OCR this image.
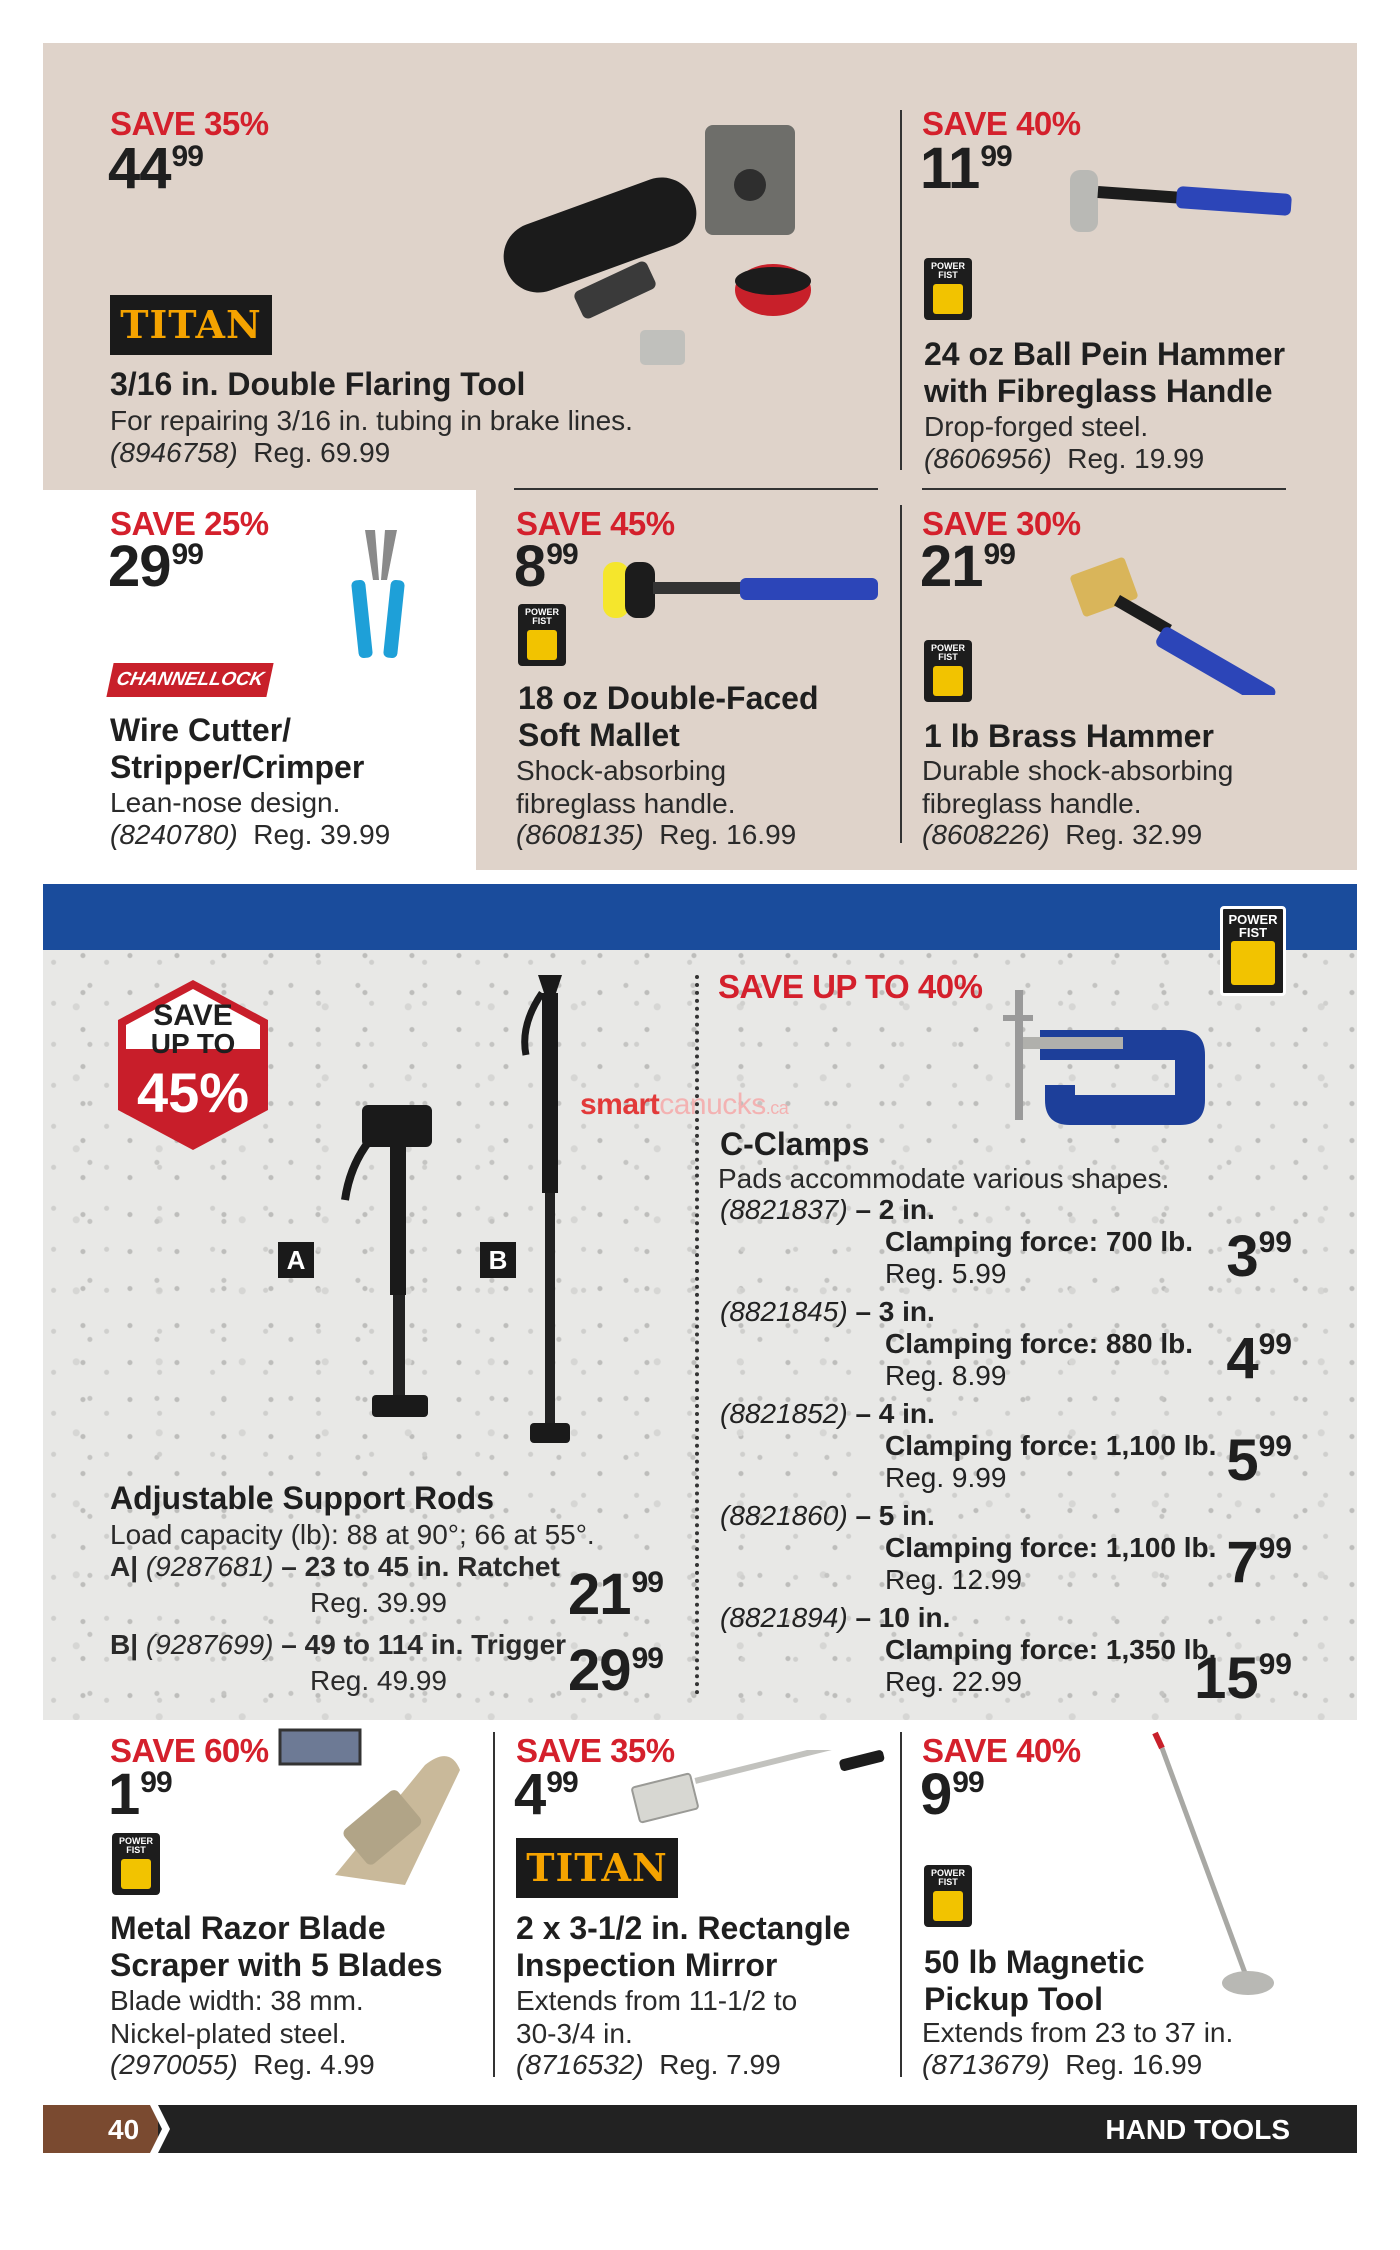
SAVE 35%
$44^{99}$
TITAN
3/16 in. Double Flaring Tool
For repairing 3/16 in. tubing in brake lines.
(8946758) Reg. 69.99
SAVE 40%
$11^{99}$
POWER
FIST
24 oz Ball Pein Hammer
with Fibreglass Handle
Drop-forged steel.
(8606956) Reg. 19.99
SAVE 25%
$29^{99}$
CHANNELLOCK
Wire Cutter/
Stripper/Crimper
Lean-nose design.
(8240780) Reg. 39.99
SAVE 45%
$8^{99}$
POWER
FIST
18 oz Double-Faced
Soft Mallet
Shock-absorbing
fibreglass handle.
(8608135) Reg. 16.99
SAVE 30%
$21^{99}$
POWER
FIST
1 lb Brass Hammer
Durable shock-absorbing
fibreglass handle.
(8608226) Reg. 32.99
POWER
FIST
SAVE
UP TO
45%
A	B
smartcanucks.ca
Adjustable Support Rods
Load capacity (lb): 88 at 90°; 66 at 55°.
A| (9287681) – 23 to 45 in. Ratchet
Reg. 39.99 $21^{99}$
B| (9287699) – 49 to 114 in. Trigger
Reg. 49.99 $29^{99}$
SAVE UP TO 40%
C-Clamps
Pads accommodate various shapes.
(8821837) – 2 in.
Clamping force: 700 lb.
Reg. 5.99	$3^{99}$
(8821845) – 3 in.
Clamping force: 880 lb.
Reg. 8.99	$4^{99}$
(8821852) – 4 in.
Clamping force: 1,100 lb.
Reg. 9.99	$5^{99}$
(8821860) – 5 in.
Clamping force: 1,100 lb.
Reg. 12.99	$7^{99}$
(8821894) – 10 in.
Clamping force: 1,350 lb.
Reg. 22.99	$15^{99}$
SAVE 60%
$1^{99}$
POWER
FIST
Metal Razor Blade
Scraper with 5 Blades
Blade width: 38 mm.
Nickel-plated steel.
(2970055) Reg. 4.99
SAVE 35%
$4^{99}$
TITAN
2 x 3-1/2 in. Rectangle
Inspection Mirror
Extends from 11-1/2 to
30-3/4 in.
(8716532) Reg. 7.99
SAVE 40%
$9^{99}$
POWER
FIST
50 lb Magnetic
Pickup Tool
Extends from 23 to 37 in.
(8713679) Reg. 16.99
40	HAND TOOLS
